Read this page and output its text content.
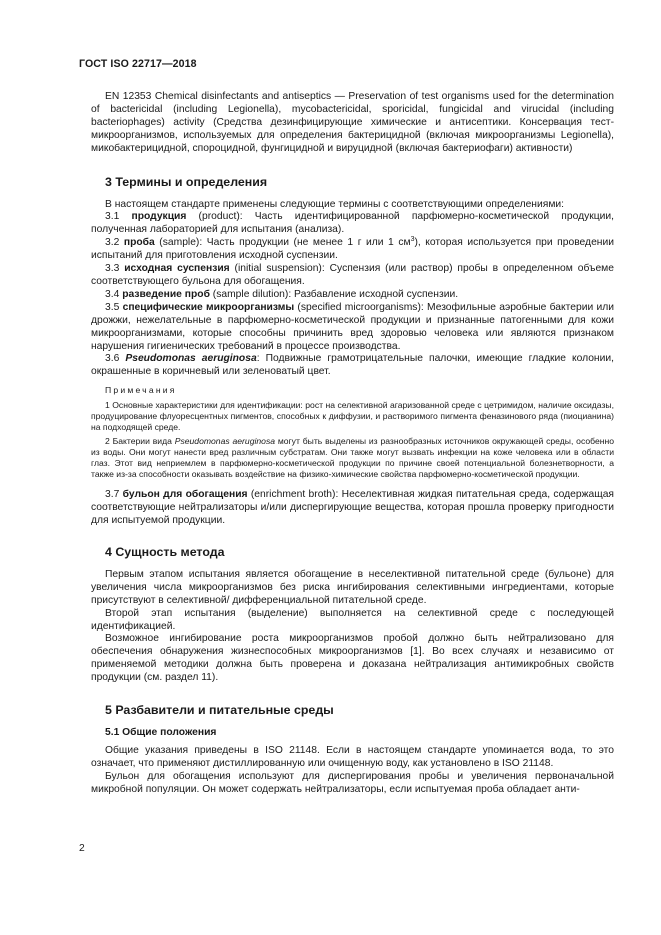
ГОСТ ISO 22717—2018

EN 12353 Chemical disinfectants and antiseptics — Preservation of test organisms used for the determination of bactericidal (including Legionella), mycobactericidal, sporicidal, fungicidal and virucidal (including bacteriophages) activity (Средства дезинфицирующие химические и антисептики. Консервация тест-микроорганизмов, используемых для определения бактерицидной (включая микроорганизмы Legionella), микобактерицидной, спороцидной, фунгицидной и вируцидной (включая бактериофаги) активности)

3 Термины и определения

В настоящем стандарте применены следующие термины с соответствующими определениями:

3.1 продукция (product): Часть идентифицированной парфюмерно-косметической продукции, полученная лабораторией для испытания (анализа).

3.2 проба (sample): Часть продукции (не менее 1 г или 1 $см^3$), которая используется при проведении испытаний для приготовления исходной суспензии.

3.3 исходная суспензия (initial suspension): Суспензия (или раствор) пробы в определенном объеме соответствующего бульона для обогащения.

3.4 разведение проб (sample dilution): Разбавление исходной суспензии.

3.5 специфические микроорганизмы (specified microorganisms): Мезофильные аэробные бактерии или дрожжи, нежелательные в парфюмерно-косметической продукции и признанные патогенными для кожи микроорганизмами, которые способны причинить вред здоровью человека или являются признаком нарушения гигиенических требований в процессе производства.

3.6 Pseudomonas aeruginosa: Подвижные грамотрицательные палочки, имеющие гладкие колонии, окрашенные в коричневый или зеленоватый цвет.

Примечания

1 Основные характеристики для идентификации: рост на селективной агаризованной среде с цетримидом, наличие оксидазы, продуцирование флуоресцентных пигментов, способных к диффузии, и растворимого пигмента феназинового ряда (пиоцианина) на подходящей среде.

2 Бактерии вида Pseudomonas aeruginosa могут быть выделены из разнообразных источников окружающей среды, особенно из воды. Они могут нанести вред различным субстратам. Они также могут вызвать инфекции на коже человека или в области глаз. Этот вид неприемлем в парфюмерно-косметической продукции по причине своей потенциальной болезнетворности, а также из-за способности оказывать воздействие на физико-химические свойства парфюмерно-косметической продукции.

3.7 бульон для обогащения (enrichment broth): Неселективная жидкая питательная среда, содержащая соответствующие нейтрализаторы и/или диспергирующие вещества, которая прошла проверку пригодности для испытуемой продукции.

4 Сущность метода

Первым этапом испытания является обогащение в неселективной питательной среде (бульоне) для увеличения числа микроорганизмов без риска ингибирования селективными ингредиентами, которые присутствуют в селективной/ дифференциальной питательной среде.

Второй этап испытания (выделение) выполняется на селективной среде с последующей идентификацией.

Возможное ингибирование роста микроорганизмов пробой должно быть нейтрализовано для обеспечения обнаружения жизнеспособных микроорганизмов [1]. Во всех случаях и независимо от применяемой методики должна быть проверена и доказана нейтрализация антимикробных свойств продукции (см. раздел 11).

5 Разбавители и питательные среды
5.1 Общие положения

Общие указания приведены в ISO 21148. Если в настоящем стандарте упоминается вода, то это означает, что применяют дистиллированную или очищенную воду, как установлено в ISO 21148.

Бульон для обогащения используют для диспергирования пробы и увеличения первоначальной микробной популяции. Он может содержать нейтрализаторы, если испытуемая проба обладает анти-

2
